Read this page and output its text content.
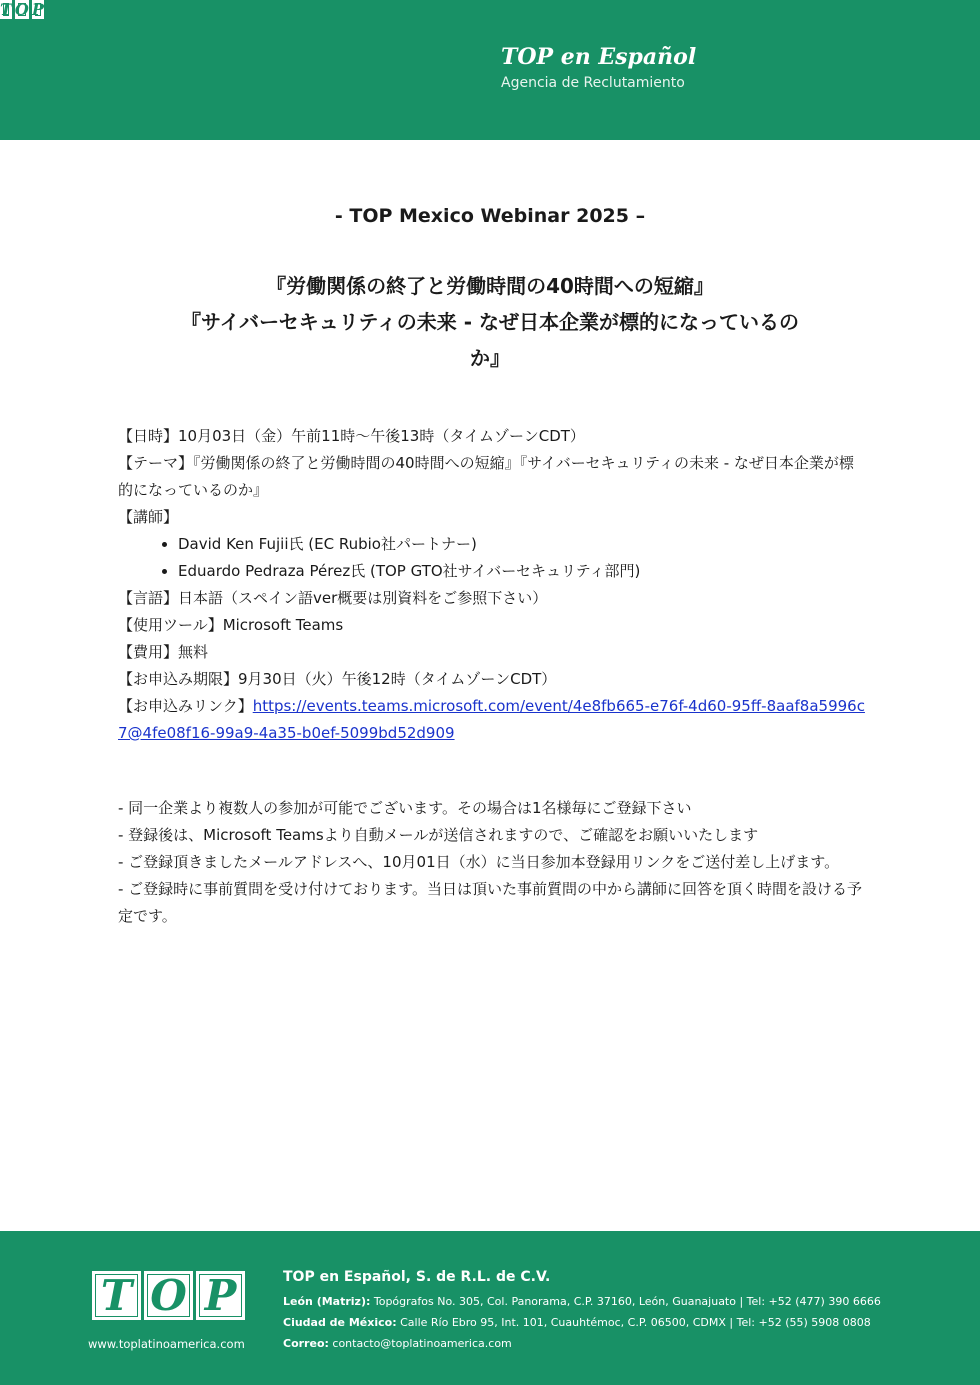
T O P

TOP en Español

Agencia de Reclutamiento

- TOP Mexico Webinar 2025 –

『労働関係の終了と労働時間の40時間への短縮』
『サイバーセキュリティの未来 - なぜ日本企業が標的になっているの
か』

【日時】10月03日（金）午前11時～午後13時（タイムゾーンCDT）

【テーマ】『労働関係の終了と労働時間の40時間への短縮』『サイバーセキュリティの未来 - なぜ日本企業が標的になっているのか』

【講師】

• David Ken Fujii氏 (EC Rubio社パートナー)
• Eduardo Pedraza Pérez氏 (TOP GTO社サイバーセキュリティ部門)

【言語】日本語（スペイン語ver概要は別資料をご参照下さい）

【使用ツール】Microsoft Teams

【費用】無料

【お申込み期限】9月30日（火）午後12時（タイムゾーンCDT）

【お申込みリンク】https://events.teams.microsoft.com/event/4e8fb665-e76f-4d60-95ff-8aaf8a5996c7@4fe08f16-99a9-4a35-b0ef-5099bd52d909

- 同一企業より複数人の参加が可能でございます。その場合は1名様毎にご登録下さい

- 登録後は、Microsoft Teamsより自動メールが送信されますので、ご確認をお願いいたします

- ご登録頂きましたメールアドレスへ、10月01日（水）に当日参加本登録用リンクをご送付差し上げます。

- ご登録時に事前質問を受け付けております。当日は頂いた事前質問の中から講師に回答を頂く時間を設ける予定です。

T O P

www.toplatinoamerica.com

TOP en Español, S. de R.L. de C.V.

León (Matriz): Topógrafos No. 305, Col. Panorama, C.P. 37160, León, Guanajuato | Tel: +52 (477) 390 6666

Ciudad de México: Calle Río Ebro 95, Int. 101, Cuauhtémoc, C.P. 06500, CDMX | Tel: +52 (55) 5908 0808

Correo: contacto@toplatinoamerica.com
